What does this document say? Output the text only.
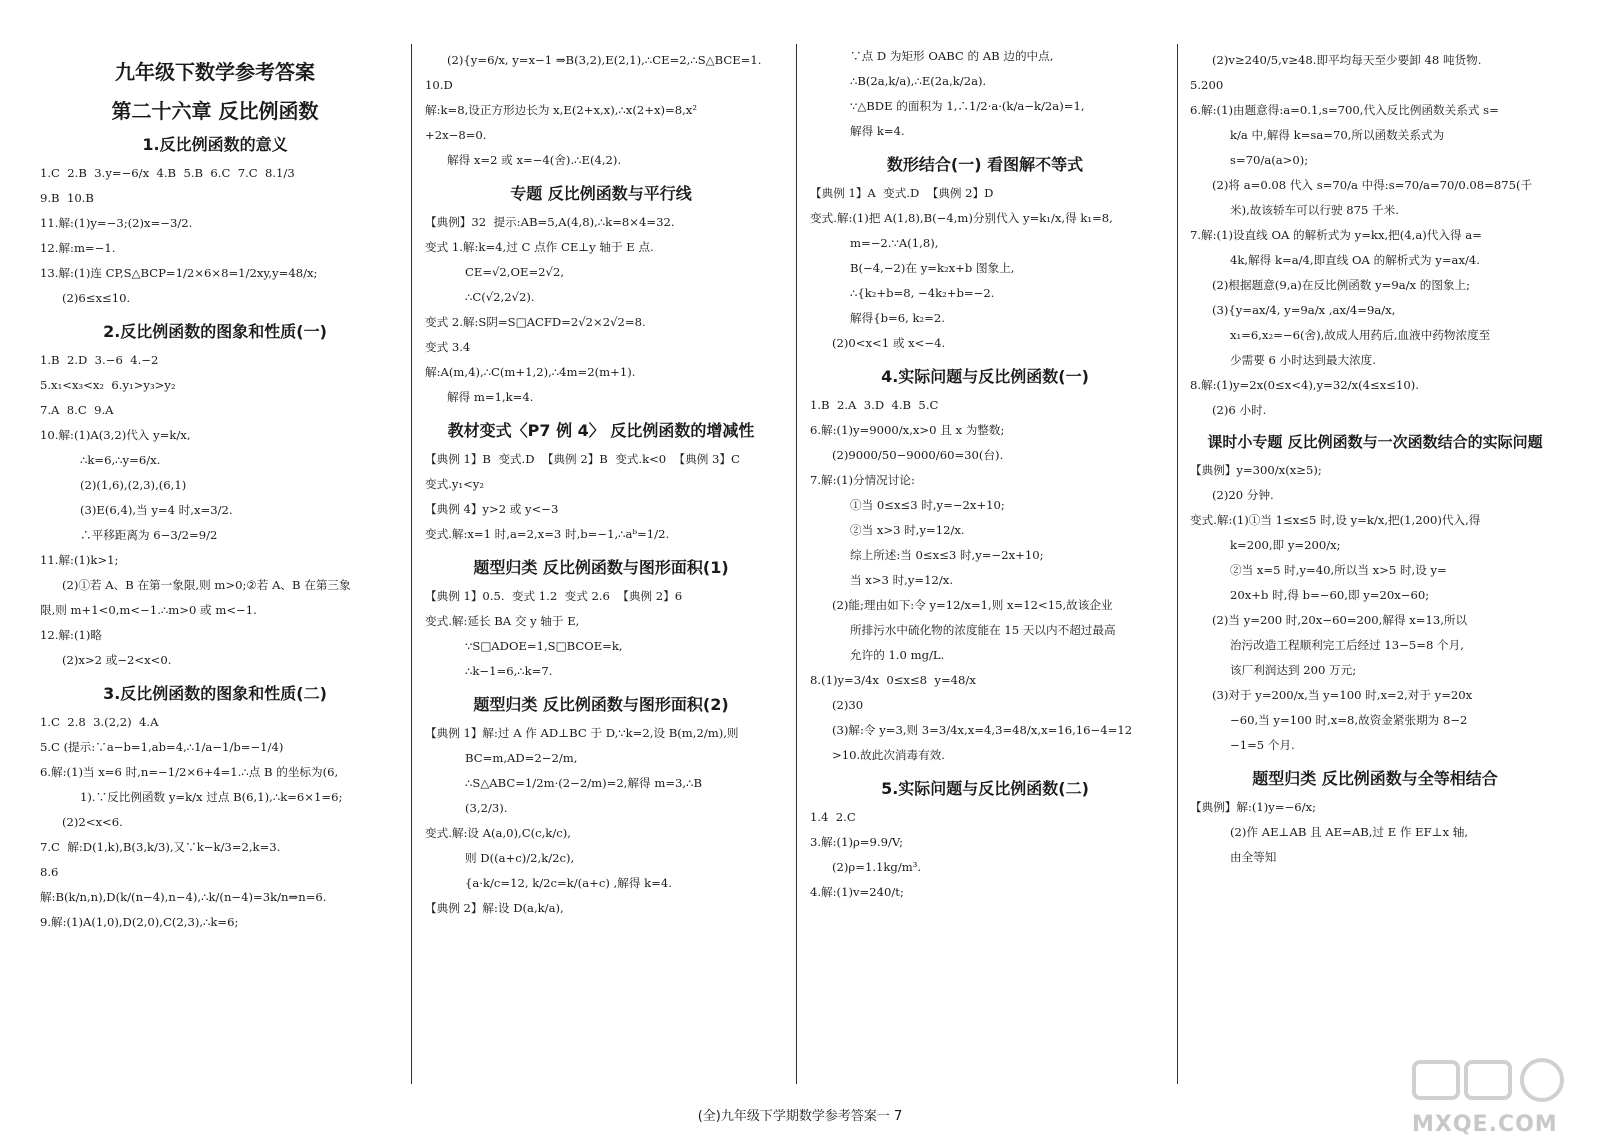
九年级下数学参考答案
第二十六章 反比例函数
1.反比例函数的意义

1.C  2.B  3.y=−6/x  4.B  5.B  6.C  7.C  8.1/3

9.B  10.B

11.解:(1)y=−3;(2)x=−3/2.

12.解:m=−1.

13.解:(1)连 CP,S△BCP=1/2×6×8=1/2xy,y=48/x;

(2)6≤x≤10.

2.反比例函数的图象和性质(一)

1.B  2.D  3.−6  4.−2

5.x₁<x₃<x₂  6.y₁>y₃>y₂

7.A  8.C  9.A

10.解:(1)A(3,2)代入 y=k/x,

∴k=6,∴y=6/x.

(2)(1,6),(2,3),(6,1)

(3)E(6,4),当 y=4 时,x=3/2.

∴平移距离为 6−3/2=9/2

11.解:(1)k>1;

(2)①若 A、B 在第一象限,则 m>0;②若 A、B 在第三象

限,则 m+1<0,m<−1.∴m>0 或 m<−1.

12.解:(1)略

(2)x>2 或−2<x<0.

3.反比例函数的图象和性质(二)

1.C  2.8  3.(2,2)  4.A

5.C (提示:∵a−b=1,ab=4,∴1/a−1/b=−1/4)

6.解:(1)当 x=6 时,n=−1/2×6+4=1.∴点 B 的坐标为(6,

1).∵反比例函数 y=k/x 过点 B(6,1),∴k=6×1=6;

(2)2<x<6.

7.C  解:D(1,k),B(3,k/3),又∵k−k/3=2,k=3.

8.6

解:B(k/n,n),D(k/(n−4),n−4),∴k/(n−4)=3k/n⇒n=6.

9.解:(1)A(1,0),D(2,0),C(2,3),∴k=6;

(2){y=6/x, y=x−1 ⇒B(3,2),E(2,1),∴CE=2,∴S△BCE=1.

10.D

解:k=8,设正方形边长为 x,E(2+x,x),∴x(2+x)=8,x²

+2x−8=0.

解得 x=2 或 x=−4(舍).∴E(4,2).

专题 反比例函数与平行线

【典例】32  提示:AB=5,A(4,8),∴k=8×4=32.

变式 1.解:k=4,过 C 点作 CE⊥y 轴于 E 点.

CE=√2,OE=2√2,

∴C(√2,2√2).

变式 2.解:S阴=S□ACFD=2√2×2√2=8.

变式 3.4

解:A(m,4),∴C(m+1,2),∴4m=2(m+1).

解得 m=1,k=4.

教材变式〈P7 例 4〉 反比例函数的增减性

【典例 1】B  变式.D  【典例 2】B  变式.k<0  【典例 3】C

变式.y₁<y₂

【典例 4】y>2 或 y<−3

变式.解:x=1 时,a=2,x=3 时,b=−1,∴aᵇ=1/2.

题型归类 反比例函数与图形面积(1)

【典例 1】0.5.  变式 1.2  变式 2.6  【典例 2】6

变式.解:延长 BA 交 y 轴于 E,

∵S□ADOE=1,S□BCOE=k,

∴k−1=6,∴k=7.

题型归类 反比例函数与图形面积(2)

【典例 1】解:过 A 作 AD⊥BC 于 D,∵k=2,设 B(m,2/m),则

BC=m,AD=2−2/m,

∴S△ABC=1/2m·(2−2/m)=2,解得 m=3,∴B

(3,2/3).

变式.解:设 A(a,0),C(c,k/c),

则 D((a+c)/2,k/2c),

{a·k/c=12, k/2c=k/(a+c) ,解得 k=4.

【典例 2】解:设 D(a,k/a),

∵点 D 为矩形 OABC 的 AB 边的中点,

∴B(2a,k/a),∴E(2a,k/2a).

∵△BDE 的面积为 1,∴1/2·a·(k/a−k/2a)=1,

解得 k=4.

数形结合(一) 看图解不等式

【典例 1】A  变式.D  【典例 2】D

变式.解:(1)把 A(1,8),B(−4,m)分别代入 y=k₁/x,得 k₁=8,

m=−2.∵A(1,8),

B(−4,−2)在 y=k₂x+b 图象上,

∴{k₂+b=8, −4k₂+b=−2.

解得{b=6, k₂=2.

(2)0<x<1 或 x<−4.

4.实际问题与反比例函数(一)

1.B  2.A  3.D  4.B  5.C

6.解:(1)y=9000/x,x>0 且 x 为整数;

(2)9000/50−9000/60=30(台).

7.解:(1)分情况讨论:

①当 0≤x≤3 时,y=−2x+10;

②当 x>3 时,y=12/x.

综上所述:当 0≤x≤3 时,y=−2x+10;

当 x>3 时,y=12/x.

(2)能;理由如下:令 y=12/x=1,则 x=12<15,故该企业

所排污水中硫化物的浓度能在 15 天以内不超过最高

允许的 1.0 mg/L.

8.(1)y=3/4x  0≤x≤8  y=48/x

(2)30

(3)解:令 y=3,则 3=3/4x,x=4,3=48/x,x=16,16−4=12

>10.故此次消毒有效.

5.实际问题与反比例函数(二)

1.4  2.C

3.解:(1)ρ=9.9/V;

(2)ρ=1.1kg/m³.

4.解:(1)v=240/t;

(2)v≥240/5,v≥48.即平均每天至少要卸 48 吨货物.

5.200

6.解:(1)由题意得:a=0.1,s=700,代入反比例函数关系式 s=

k/a 中,解得 k=sa=70,所以函数关系式为

s=70/a(a>0);

(2)将 a=0.08 代入 s=70/a 中得:s=70/a=70/0.08=875(千

米),故该轿车可以行驶 875 千米.

7.解:(1)设直线 OA 的解析式为 y=kx,把(4,a)代入得 a=

4k,解得 k=a/4,即直线 OA 的解析式为 y=ax/4.

(2)根据题意(9,a)在反比例函数 y=9a/x 的图象上;

(3){y=ax/4, y=9a/x ,ax/4=9a/x,

x₁=6,x₂=−6(舍),故成人用药后,血液中药物浓度至

少需要 6 小时达到最大浓度.

8.解:(1)y=2x(0≤x<4),y=32/x(4≤x≤10).

(2)6 小时.

课时小专题 反比例函数与一次函数结合的实际问题

【典例】y=300/x(x≥5);

(2)20 分钟.

变式.解:(1)①当 1≤x≤5 时,设 y=k/x,把(1,200)代入,得

k=200,即 y=200/x;

②当 x=5 时,y=40,所以当 x>5 时,设 y=

20x+b 时,得 b=−60,即 y=20x−60;

(2)当 y=200 时,20x−60=200,解得 x=13,所以

治污改造工程顺利完工后经过 13−5=8 个月,

该厂利润达到 200 万元;

(3)对于 y=200/x,当 y=100 时,x=2,对于 y=20x

−60,当 y=100 时,x=8,故资金紧张期为 8−2

−1=5 个月.

题型归类 反比例函数与全等相结合

【典例】解:(1)y=−6/x;

(2)作 AE⊥AB 且 AE=AB,过 E 作 EF⊥x 轴,

由全等知

(全)九年级下学期数学参考答案一 7	MXQE.COM
